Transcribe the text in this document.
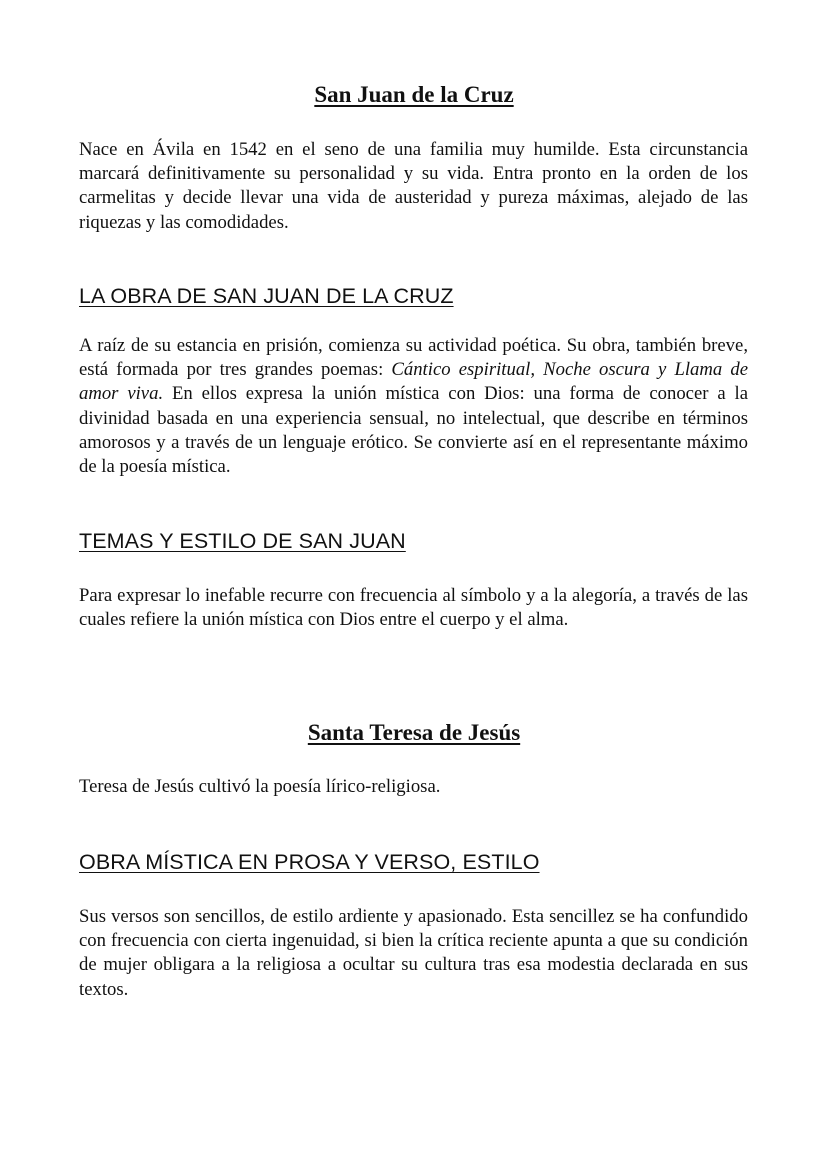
San Juan de la Cruz

Nace en Ávila en 1542 en el seno de una familia muy humilde. Esta circunstancia marcará definitivamente su personalidad y su vida. Entra pronto en la orden de los carmelitas y decide llevar una vida de austeridad y pureza máximas, alejado de las riquezas y las comodidades.

LA OBRA DE SAN JUAN DE LA CRUZ

A raíz de su estancia en prisión, comienza su actividad poética. Su obra, también breve, está formada por tres grandes poemas: Cántico espiritual, Noche oscura y Llama de amor viva. En ellos expresa la unión mística con Dios: una forma de conocer a la divinidad basada en una experiencia sensual, no intelectual, que describe en términos amorosos y a través de un lenguaje erótico. Se convierte así en el representante máximo de la poesía mística.

TEMAS Y ESTILO DE SAN JUAN

Para expresar lo inefable recurre con frecuencia al símbolo y a la alegoría, a través de las cuales refiere la unión mística con Dios entre el cuerpo y el alma.

Santa Teresa de Jesús

Teresa de Jesús cultivó la poesía lírico-religiosa.

OBRA MÍSTICA EN PROSA Y VERSO, ESTILO

Sus versos son sencillos, de estilo ardiente y apasionado. Esta sencillez se ha confundido con frecuencia con cierta ingenuidad, si bien la crítica reciente apunta a que su condición de mujer obligara a la religiosa a ocultar su cultura tras esa modestia declarada en sus textos.
